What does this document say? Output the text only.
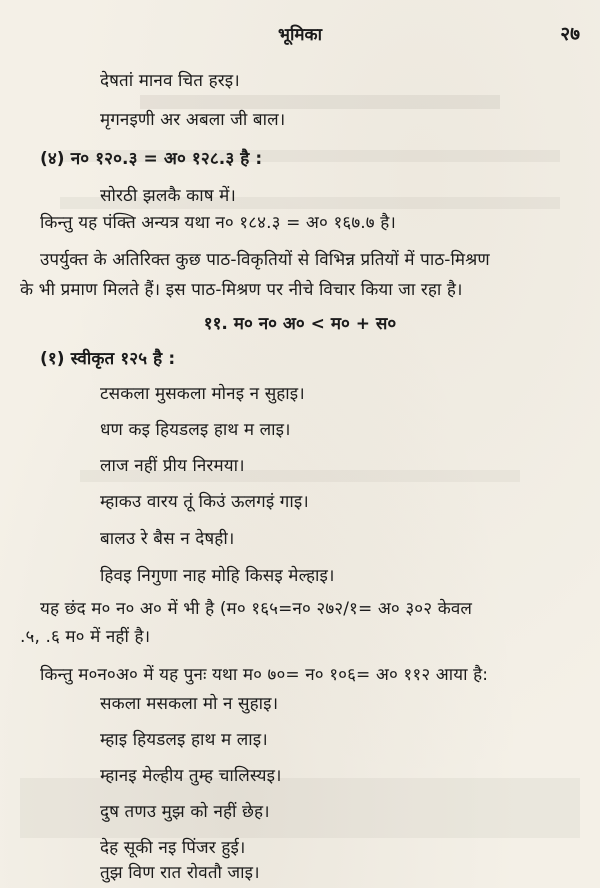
भूमिका	२७
देषतां मानव चित हरइ।
मृगनइणी अर अबला जी बाल।
(४) न० १२०.३ = अ० १२८.३ है :
सोरठी झलकै काष में।
किन्तु यह पंक्ति अन्यत्र यथा न० १८४.३ = अ० १६७.७ है।
उपर्युक्त के अतिरिक्त कुछ पाठ-विकृतियों से विभिन्न प्रतियों में पाठ-मिश्रण
के भी प्रमाण मिलते हैं। इस पाठ-मिश्रण पर नीचे विचार किया जा रहा है।
११. म० न० अ० < म० + स०
(१) स्वीकृत १२५ है :
टसकला मुसकला मोनइ न सुहाइ।
धण कइ हियडलइ हाथ म लाइ।
लाज नहीं प्रीय निरमया।
म्हाकउ वारय तूं किउं ऊलगइं गाइ।
बालउ रे बैस न देषही।
हिवइ निगुणा नाह मोहि किसइ मेल्हाइ।
यह छंद म० न० अ० में भी है (म० १६५=न० २७२/१= अ० ३०२ केवल
.५, .६ म० में नहीं है।
किन्तु म०न०अ० में यह पुनः यथा म० ७०= न० १०६= अ० ११२ आया है:
सकला मसकला मो न सुहाइ।
म्हाइ हियडलइ हाथ म लाइ।
म्हानइ मेल्हीय तुम्ह चालिस्यइ।
दुष तणउ मुझ को नहीं छेह।
देह सूकी नइ पिंजर हुई।
तुझ विण रात रोवतौ जाइ।
